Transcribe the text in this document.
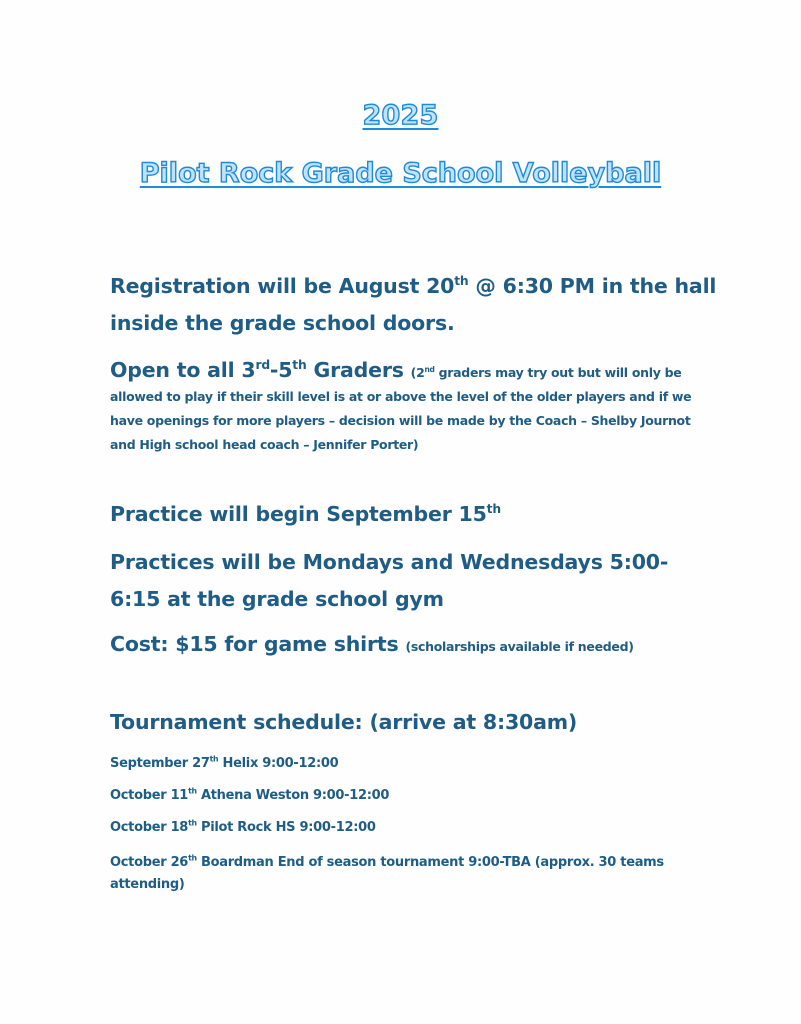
2025
Pilot Rock Grade School Volleyball
Registration will be August 20th @ 6:30 PM in the hall
inside the grade school doors.
Open to all 3rd-5th Graders (2nd graders may try out but will only be
allowed to play if their skill level is at or above the level of the older players and if we
have openings for more players – decision will be made by the Coach – Shelby Journot
and High school head coach – Jennifer Porter)
Practice will begin September 15th
Practices will be Mondays and Wednesdays 5:00-
6:15 at the grade school gym
Cost: $15 for game shirts (scholarships available if needed)
Tournament schedule: (arrive at 8:30am)
September 27th Helix 9:00-12:00
October 11th Athena Weston 9:00-12:00
October 18th Pilot Rock HS 9:00-12:00
October 26th Boardman End of season tournament 9:00-TBA (approx. 30 teams
attending)
